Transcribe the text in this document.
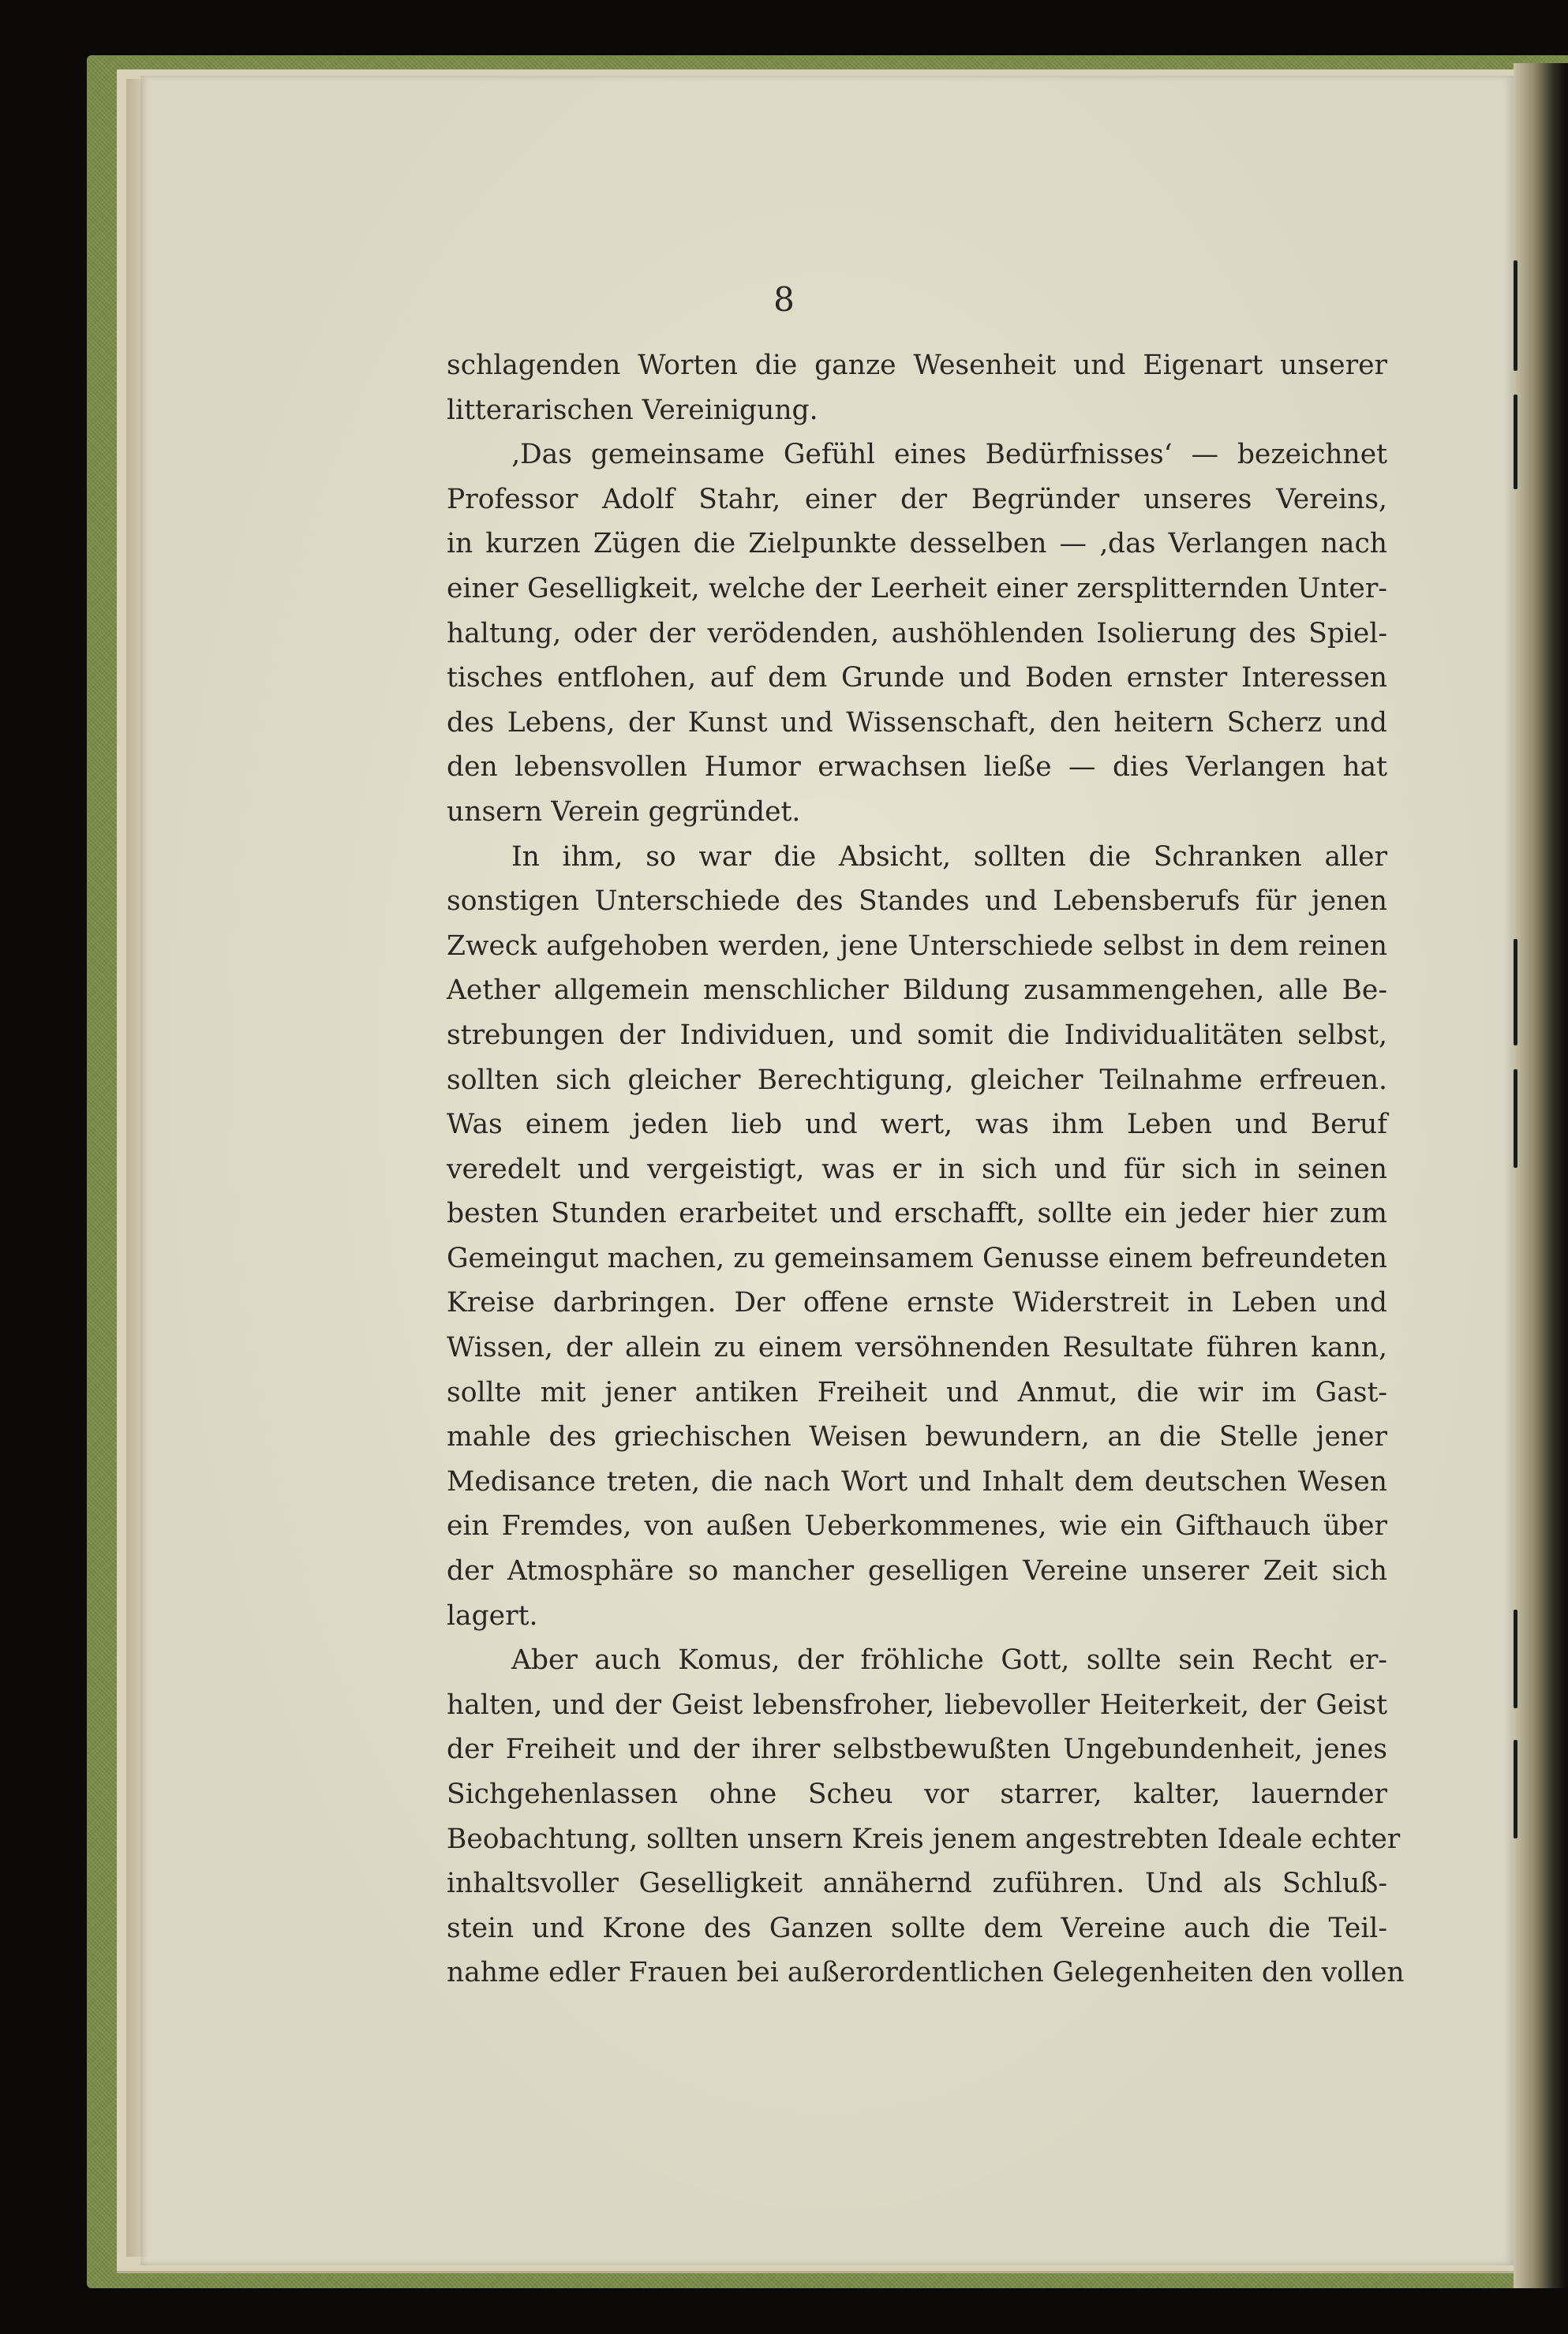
8
schlagenden Worten die ganze Wesenheit und Eigenart unserer
litterarischen Vereinigung.
‚Das gemeinsame Gefühl eines Bedürfnisses‘ — bezeichnet
Professor Adolf Stahr, einer der Begründer unseres Vereins,
in kurzen Zügen die Zielpunkte desselben — ‚das Verlangen nach
einer Geselligkeit, welche der Leerheit einer zersplitternden Unter-
haltung, oder der verödenden, aushöhlenden Isolierung des Spiel-
tisches entflohen, auf dem Grunde und Boden ernster Interessen
des Lebens, der Kunst und Wissenschaft, den heitern Scherz und
den lebensvollen Humor erwachsen ließe — dies Verlangen hat
unsern Verein gegründet.
In ihm, so war die Absicht, sollten die Schranken aller
sonstigen Unterschiede des Standes und Lebensberufs für jenen
Zweck aufgehoben werden, jene Unterschiede selbst in dem reinen
Aether allgemein menschlicher Bildung zusammengehen, alle Be-
strebungen der Individuen, und somit die Individualitäten selbst,
sollten sich gleicher Berechtigung, gleicher Teilnahme erfreuen.
Was einem jeden lieb und wert, was ihm Leben und Beruf
veredelt und vergeistigt, was er in sich und für sich in seinen
besten Stunden erarbeitet und erschafft, sollte ein jeder hier zum
Gemeingut machen, zu gemeinsamem Genusse einem befreundeten
Kreise darbringen. Der offene ernste Widerstreit in Leben und
Wissen, der allein zu einem versöhnenden Resultate führen kann,
sollte mit jener antiken Freiheit und Anmut, die wir im Gast-
mahle des griechischen Weisen bewundern, an die Stelle jener
Medisance treten, die nach Wort und Inhalt dem deutschen Wesen
ein Fremdes, von außen Ueberkommenes, wie ein Gifthauch über
der Atmosphäre so mancher geselligen Vereine unserer Zeit sich
lagert.
Aber auch Komus, der fröhliche Gott, sollte sein Recht er-
halten, und der Geist lebensfroher, liebevoller Heiterkeit, der Geist
der Freiheit und der ihrer selbstbewußten Ungebundenheit, jenes
Sichgehenlassen ohne Scheu vor starrer, kalter, lauernder
Beobachtung, sollten unsern Kreis jenem angestrebten Ideale echter
inhaltsvoller Geselligkeit annähernd zuführen. Und als Schluß-
stein und Krone des Ganzen sollte dem Vereine auch die Teil-
nahme edler Frauen bei außerordentlichen Gelegenheiten den vollen
